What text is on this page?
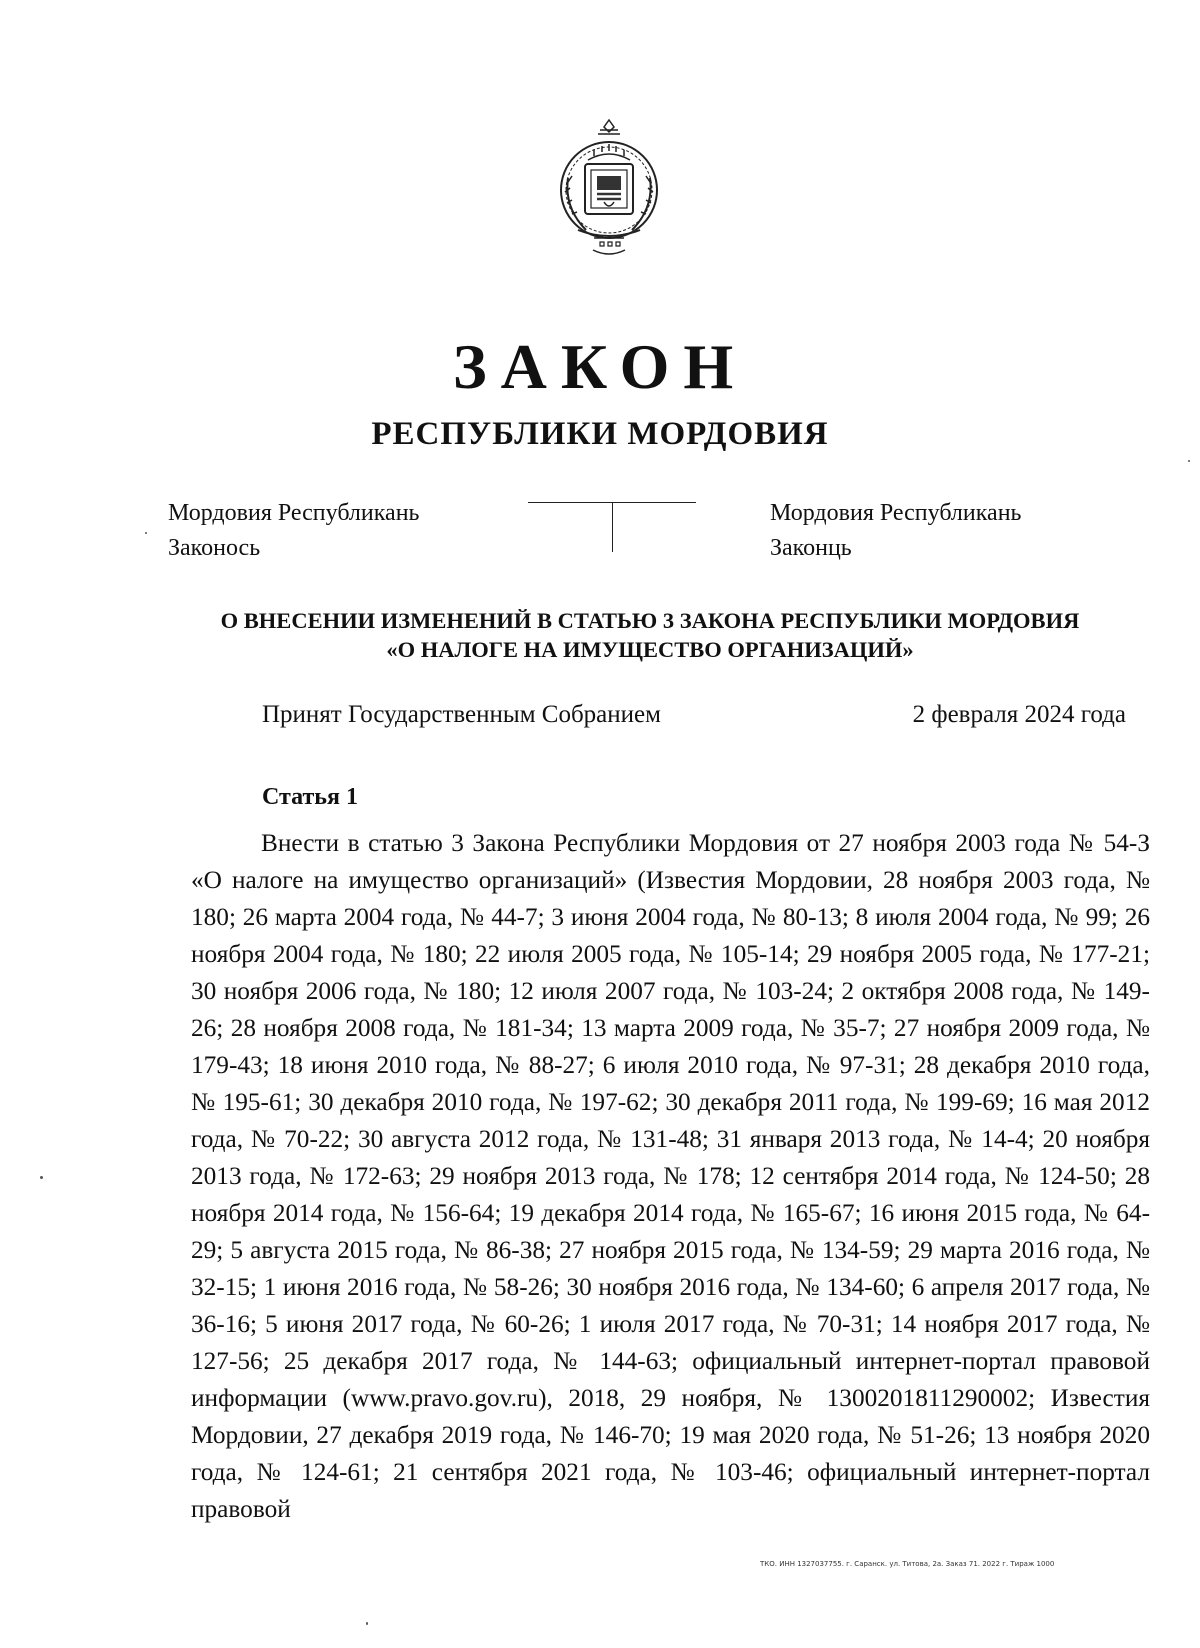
ЗАКОН
РЕСПУБЛИКИ МОРДОВИЯ
Мордовия Республикань
Законось
Мордовия Республикань
Законць
О ВНЕСЕНИИ ИЗМЕНЕНИЙ В СТАТЬЮ 3 ЗАКОНА РЕСПУБЛИКИ МОРДОВИЯ
«О НАЛОГЕ НА ИМУЩЕСТВО ОРГАНИЗАЦИЙ»
Принят Государственным Собранием	2 февраля 2024 года
Статья 1

Внести в статью 3 Закона Республики Мордовия от 27 ноября 2003 года № 54-З «О налоге на имущество организаций» (Известия Мордовии, 28 ноября 2003 года, № 180; 26 марта 2004 года, № 44-7; 3 июня 2004 года, № 80-13; 8 июля 2004 года, № 99; 26 ноября 2004 года, № 180; 22 июля 2005 года, № 105-14; 29 ноября 2005 года, № 177-21; 30 ноября 2006 года, № 180; 12 июля 2007 года, № 103-24; 2 октября 2008 года, № 149-26; 28 ноября 2008 года, № 181-34; 13 марта 2009 года, № 35-7; 27 ноября 2009 года, № 179-43; 18 июня 2010 года, № 88-27; 6 июля 2010 года, № 97-31; 28 декабря 2010 года, № 195-61; 30 декабря 2010 года, № 197-62; 30 декабря 2011 года, № 199-69; 16 мая 2012 года, № 70-22; 30 августа 2012 года, № 131-48; 31 января 2013 года, № 14-4; 20 ноября 2013 года, № 172-63; 29 ноября 2013 года, № 178; 12 сентября 2014 года, № 124-50; 28 ноября 2014 года, № 156-64; 19 декабря 2014 года, № 165-67; 16 июня 2015 года, № 64-29; 5 августа 2015 года, № 86-38; 27 ноября 2015 года, № 134-59; 29 марта 2016 года, № 32-15; 1 июня 2016 года, № 58-26; 30 ноября 2016 года, № 134-60; 6 апреля 2017 года, № 36-16; 5 июня 2017 года, № 60-26; 1 июля 2017 года, № 70-31; 14 ноября 2017 года, № 127-56; 25 декабря 2017 года, № 144-63; официальный интернет-портал правовой информации (www.pravo.gov.ru), 2018, 29 ноября, № 1300201811290002; Известия Мордовии, 27 декабря 2019 года, № 146-70; 19 мая 2020 года, № 51-26; 13 ноября 2020 года, № 124-61; 21 сентября 2021 года, № 103-46; официальный интернет-портал правовой

ТКО. ИНН 1327037755. г. Саранск. ул. Титова, 2а. Заказ 71. 2022 г. Тираж 1000
